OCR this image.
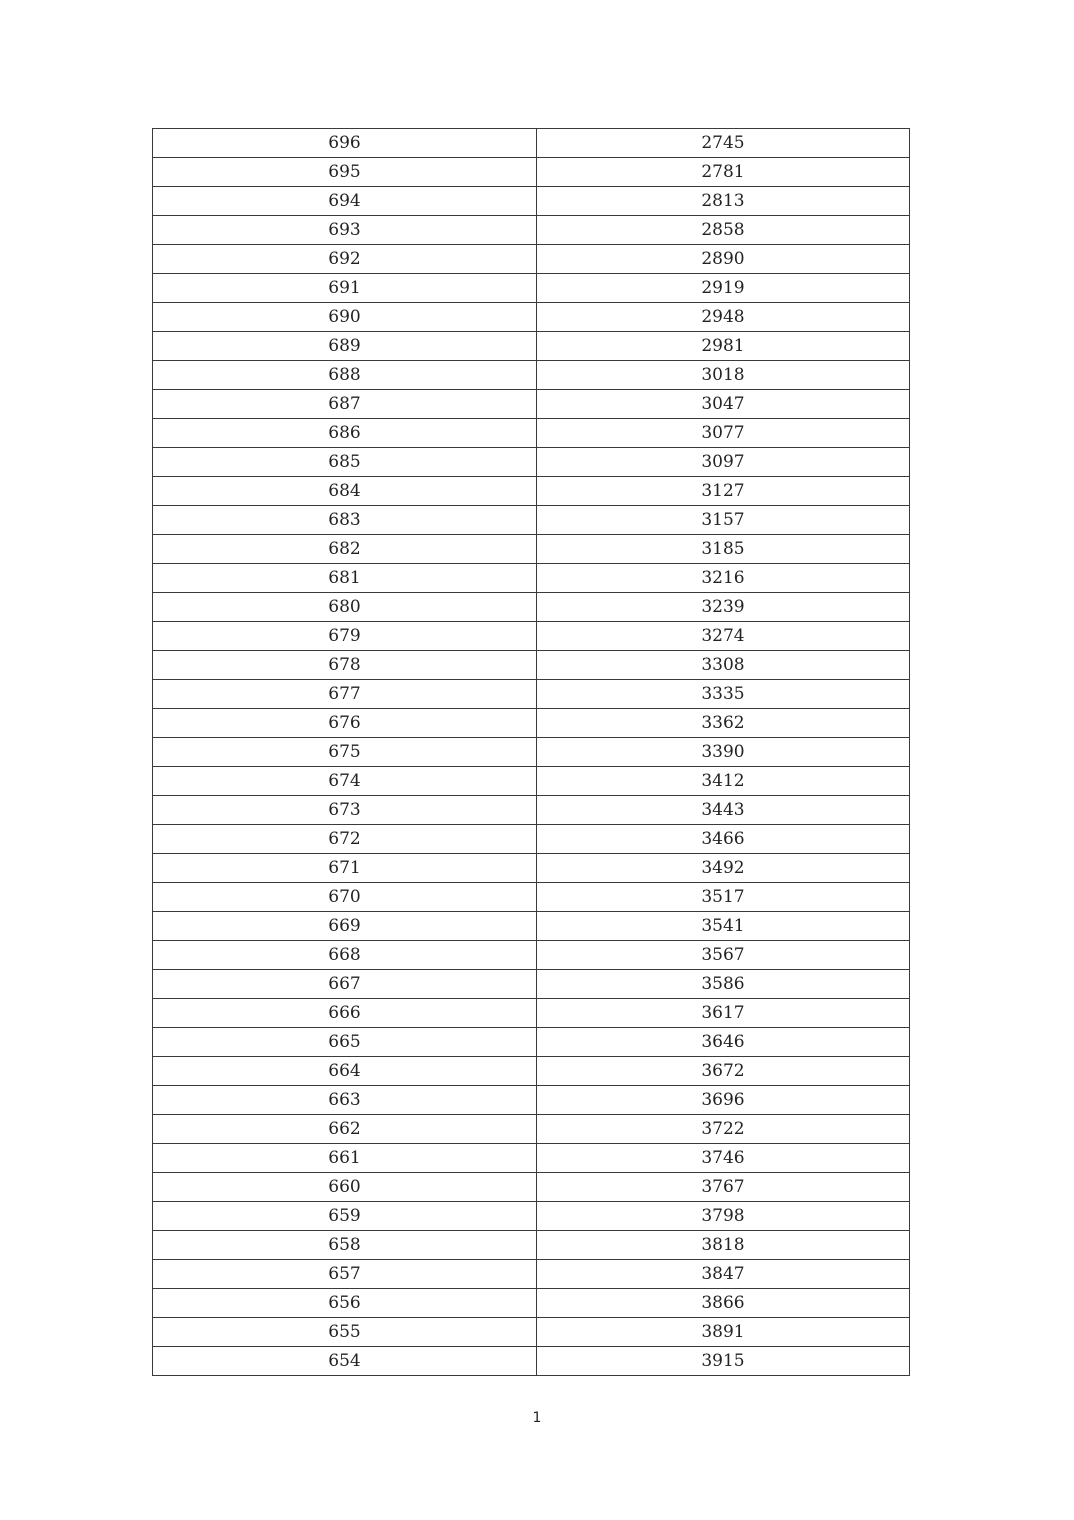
696	2745
695	2781
694	2813
693	2858
692	2890
691	2919
690	2948
689	2981
688	3018
687	3047
686	3077
685	3097
684	3127
683	3157
682	3185
681	3216
680	3239
679	3274
678	3308
677	3335
676	3362
675	3390
674	3412
673	3443
672	3466
671	3492
670	3517
669	3541
668	3567
667	3586
666	3617
665	3646
664	3672
663	3696
662	3722
661	3746
660	3767
659	3798
658	3818
657	3847
656	3866
655	3891
654	3915
1
